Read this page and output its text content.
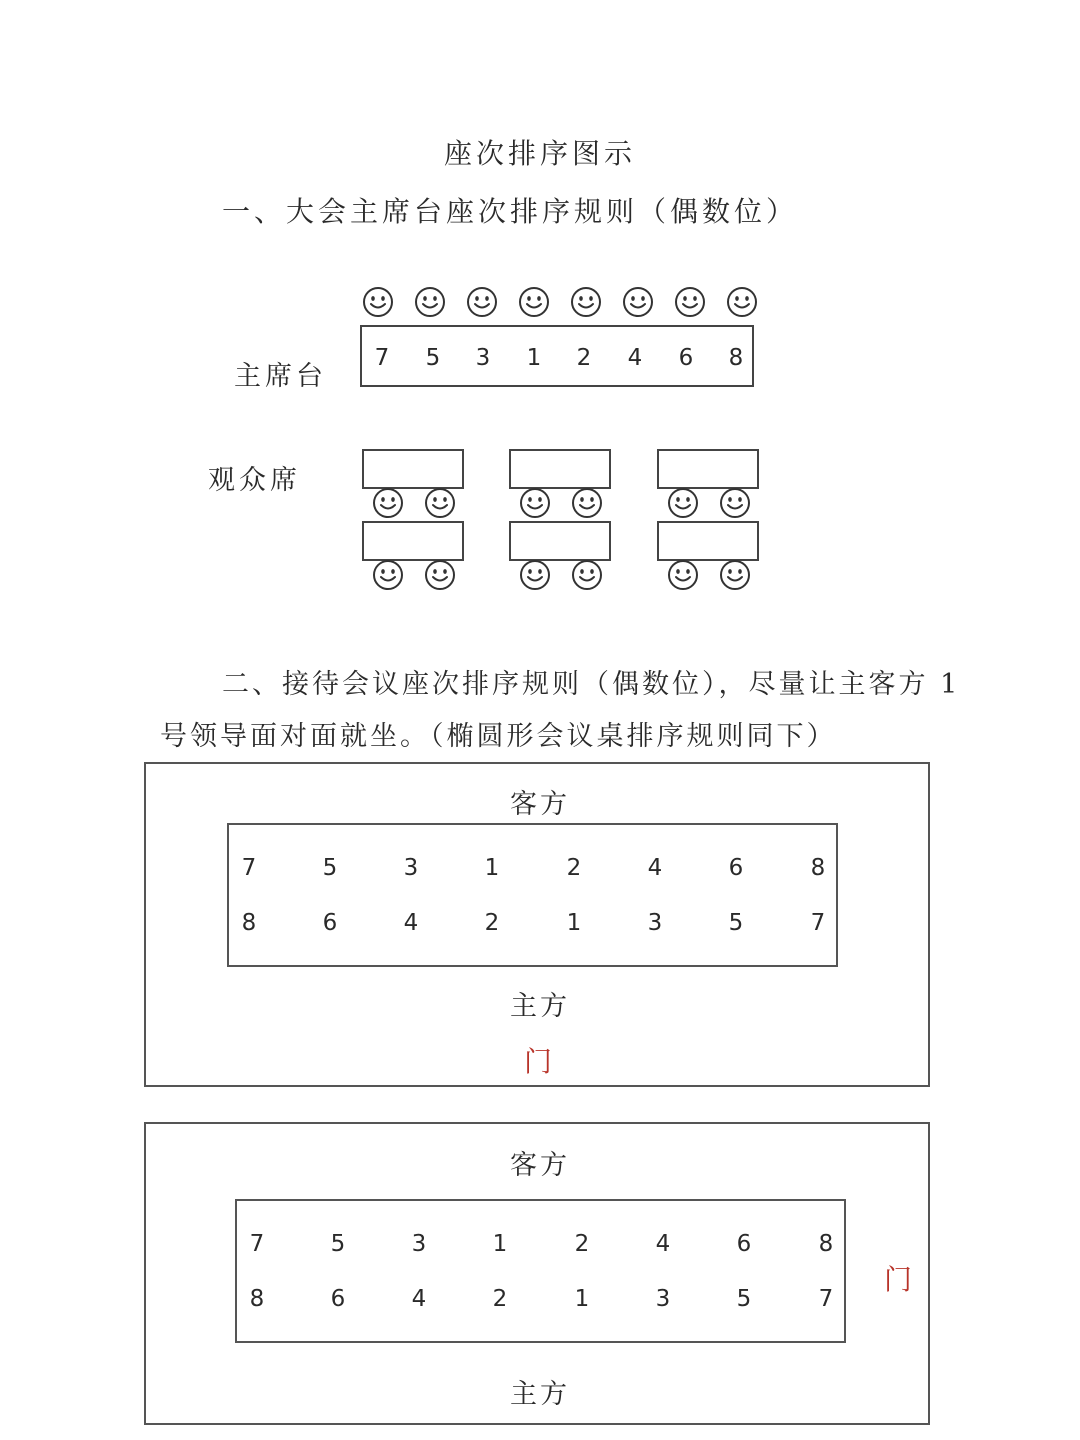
座次排序图示
一、大会主席台座次排序规则（偶数位）
主席台
7 5 3 1 2 4 6 8
观众席
二、接待会议座次排序规则（偶数位），尽量让主客方 1
号领导面对面就坐。（椭圆形会议桌排序规则同下）
客方
7	5	3	1	2	4	6	8
8	6	4	2	1	3	5	7
主方
门
客方
7	5	3	1	2	4	6	8
8	6	4	2	1	3	5	7
主方
门
